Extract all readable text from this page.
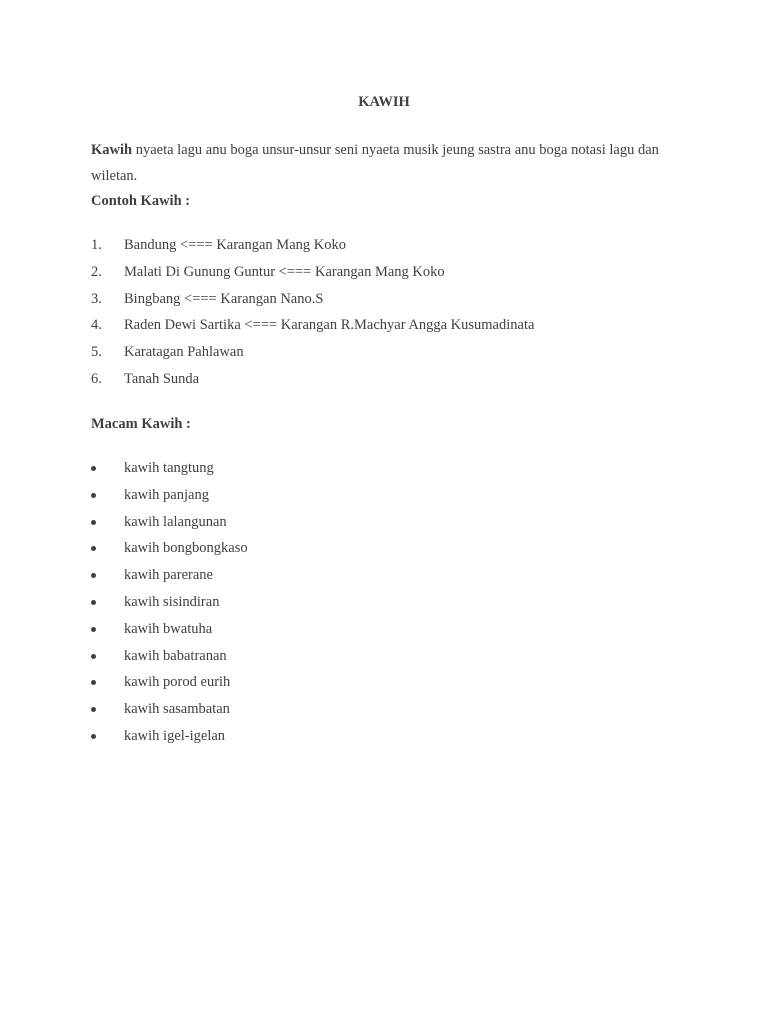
KAWIH
Kawih nyaeta lagu anu boga unsur-unsur seni nyaeta musik jeung sastra anu boga notasi lagu dan wiletan.
Contoh Kawih :
1.	Bandung <=== Karangan Mang Koko
2.	Malati Di Gunung Guntur <=== Karangan Mang Koko
3.	Bingbang <=== Karangan Nano.S
4.	Raden Dewi Sartika <=== Karangan R.Machyar Angga Kusumadinata
5.	Karatagan Pahlawan
6.	Tanah Sunda
Macam Kawih :
kawih tangtung
kawih panjang
kawih lalangunan
kawih bongbongkaso
kawih parerane
kawih sisindiran
kawih bwatuha
kawih babatranan
kawih porod eurih
kawih sasambatan
kawih igel-igelan
